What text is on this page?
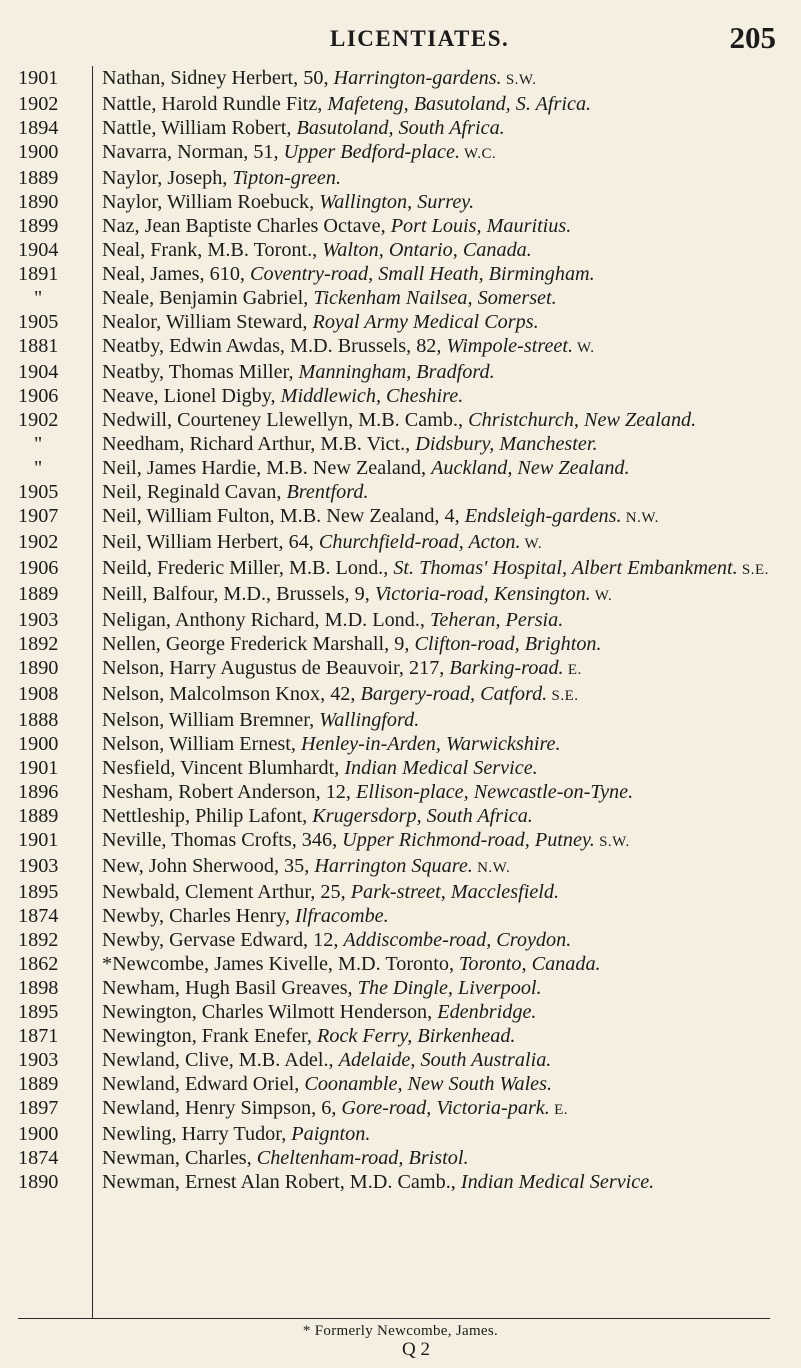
LICENTIATES.	205
1901	Nathan, Sidney Herbert, 50, Harrington-gardens. S.W.
1902	Nattle, Harold Rundle Fitz, Mafeteng, Basutoland, S. Africa.
1894	Nattle, William Robert, Basutoland, South Africa.
1900	Navarra, Norman, 51, Upper Bedford-place. W.C.
1889	Naylor, Joseph, Tipton-green.
1890	Naylor, William Roebuck, Wallington, Surrey.
1899	Naz, Jean Baptiste Charles Octave, Port Louis, Mauritius.
1904	Neal, Frank, M.B. Toront., Walton, Ontario, Canada.
1891	Neal, James, 610, Coventry-road, Small Heath, Birmingham.
"	Neale, Benjamin Gabriel, Tickenham Nailsea, Somerset.
1905	Nealor, William Steward, Royal Army Medical Corps.
1881	Neatby, Edwin Awdas, M.D. Brussels, 82, Wimpole-street. W.
1904	Neatby, Thomas Miller, Manningham, Bradford.
1906	Neave, Lionel Digby, Middlewich, Cheshire.
1902	Nedwill, Courteney Llewellyn, M.B. Camb., Christchurch, New Zealand.
"	Needham, Richard Arthur, M.B. Vict., Didsbury, Manchester.
"	Neil, James Hardie, M.B. New Zealand, Auckland, New Zealand.
1905	Neil, Reginald Cavan, Brentford.
1907	Neil, William Fulton, M.B. New Zealand, 4, Endsleigh-gardens. N.W.
1902	Neil, William Herbert, 64, Churchfield-road, Acton. W.
1906	Neild, Frederic Miller, M.B. Lond., St. Thomas' Hospital, Albert Embankment. S.E.
1889	Neill, Balfour, M.D., Brussels, 9, Victoria-road, Kensington. W.
1903	Neligan, Anthony Richard, M.D. Lond., Teheran, Persia.
1892	Nellen, George Frederick Marshall, 9, Clifton-road, Brighton.
1890	Nelson, Harry Augustus de Beauvoir, 217, Barking-road. E.
1908	Nelson, Malcolmson Knox, 42, Bargery-road, Catford. S.E.
1888	Nelson, William Bremner, Wallingford.
1900	Nelson, William Ernest, Henley-in-Arden, Warwickshire.
1901	Nesfield, Vincent Blumhardt, Indian Medical Service.
1896	Nesham, Robert Anderson, 12, Ellison-place, Newcastle-on-Tyne.
1889	Nettleship, Philip Lafont, Krugersdorp, South Africa.
1901	Neville, Thomas Crofts, 346, Upper Richmond-road, Putney. S.W.
1903	New, John Sherwood, 35, Harrington Square. N.W.
1895	Newbald, Clement Arthur, 25, Park-street, Macclesfield.
1874	Newby, Charles Henry, Ilfracombe.
1892	Newby, Gervase Edward, 12, Addiscombe-road, Croydon.
1862	*Newcombe, James Kivelle, M.D. Toronto, Toronto, Canada.
1898	Newham, Hugh Basil Greaves, The Dingle, Liverpool.
1895	Newington, Charles Wilmott Henderson, Edenbridge.
1871	Newington, Frank Enefer, Rock Ferry, Birkenhead.
1903	Newland, Clive, M.B. Adel., Adelaide, South Australia.
1889	Newland, Edward Oriel, Coonamble, New South Wales.
1897	Newland, Henry Simpson, 6, Gore-road, Victoria-park. E.
1900	Newling, Harry Tudor, Paignton.
1874	Newman, Charles, Cheltenham-road, Bristol.
1890	Newman, Ernest Alan Robert, M.D. Camb., Indian Medical Service.
* Formerly Newcombe, James.
Q 2
